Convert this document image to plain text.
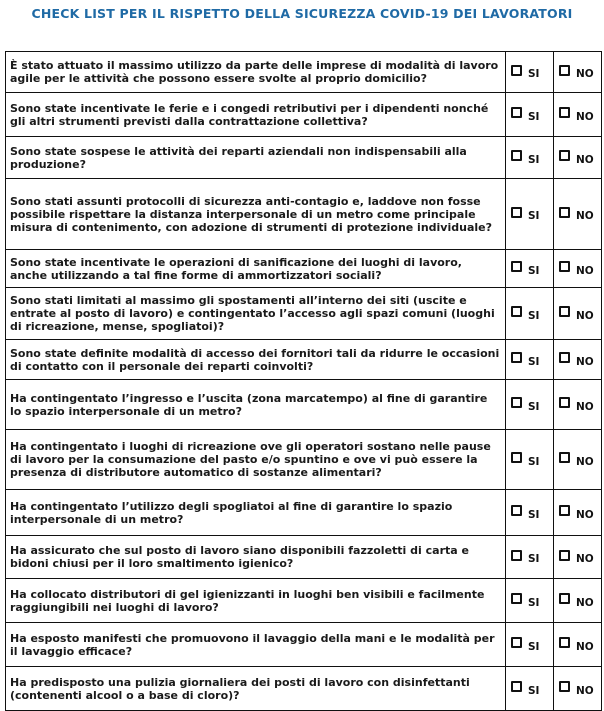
CHECK LIST PER IL RISPETTO DELLA SICUREZZA COVID-19 DEI LAVORATORI
È stato attuato il massimo utilizzo da parte delle imprese di modalità di lavoro agile per le attività che possono essere svolte al proprio domicilio?	SI	NO

Sono state incentivate le ferie e i congedi retributivi per i dipendenti nonché gli altri strumenti previsti dalla contrattazione collettiva?	SI	NO

Sono state sospese le attività dei reparti aziendali non indispensabili alla produzione?	SI	NO

Sono stati assunti protocolli di sicurezza anti-contagio e, laddove non fosse possibile rispettare la distanza interpersonale di un metro come principale misura di contenimento, con adozione di strumenti di protezione individuale?	SI	NO

Sono state incentivate le operazioni di sanificazione dei luoghi di lavoro, anche utilizzando a tal fine forme di ammortizzatori sociali?	SI	NO

Sono stati limitati al massimo gli spostamenti all’interno dei siti (uscite e entrate al posto di lavoro) e contingentato l’accesso agli spazi comuni (luoghi di ricreazione, mense, spogliatoi)?	SI	NO

Sono state definite modalità di accesso dei fornitori tali da ridurre le occasioni di contatto con il personale dei reparti coinvolti?	SI	NO

Ha contingentato l’ingresso e l’uscita (zona marcatempo) al fine di garantire lo spazio interpersonale di un metro?	SI	NO

Ha contingentato i luoghi di ricreazione ove gli operatori sostano nelle pause di lavoro per la consumazione del pasto e/o spuntino e ove vi può essere la presenza di distributore automatico di sostanze alimentari?	SI	NO

Ha contingentato l’utilizzo degli spogliatoi al fine di garantire lo spazio interpersonale di un metro?	SI	NO

Ha assicurato che sul posto di lavoro siano disponibili fazzoletti di carta e bidoni chiusi per il loro smaltimento igienico?	SI	NO

Ha collocato distributori di gel igienizzanti in luoghi ben visibili e facilmente raggiungibili nei luoghi di lavoro?	SI	NO

Ha esposto manifesti che promuovono il lavaggio della mani e le modalità per il lavaggio efficace?	SI	NO

Ha predisposto una pulizia giornaliera dei posti di lavoro con disinfettanti (contenenti alcool o a base di cloro)?	SI	NO
